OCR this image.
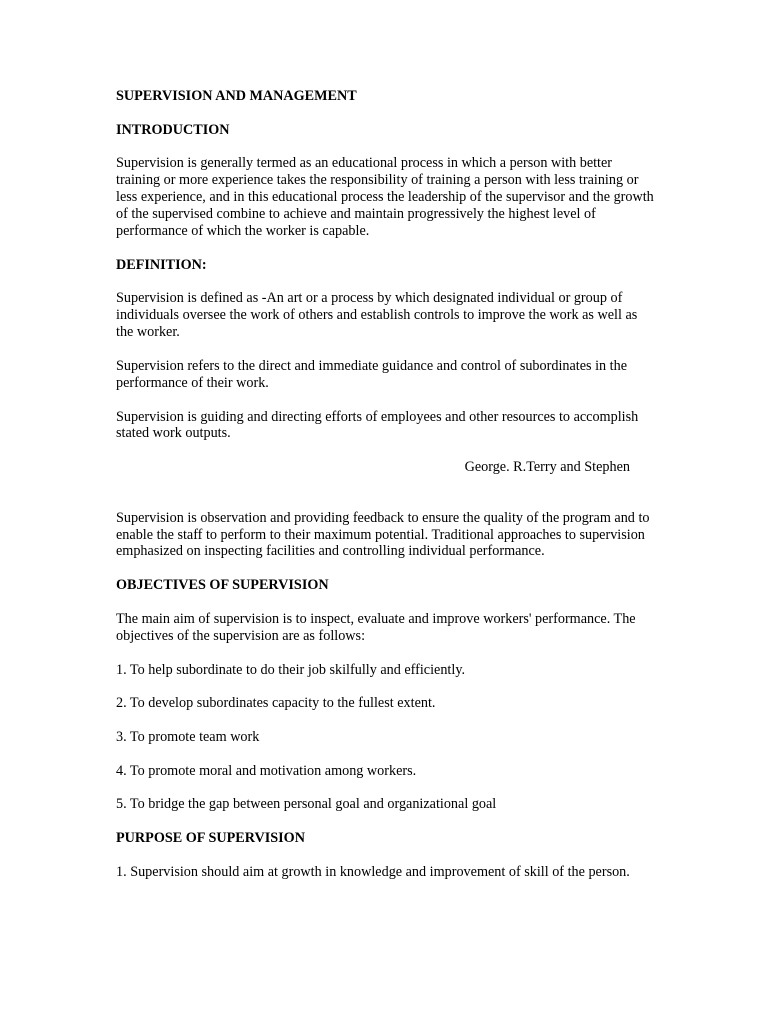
SUPERVISION AND MANAGEMENT

INTRODUCTION

Supervision is generally termed as an educational process in which a person with better training or more experience takes the responsibility of training a person with less training or less experience, and in this educational process the leadership of the supervisor and the growth of the supervised combine to achieve and maintain progressively the highest level of performance of which the worker is capable.

DEFINITION:

Supervision is defined as -An art or a process by which designated individual or group of individuals oversee the work of others and establish controls to improve the work as well as the worker.

Supervision refers to the direct and immediate guidance and control of subordinates in the performance of their work.

Supervision is guiding and directing efforts of employees and other resources to accomplish stated work outputs.

George. R.Terry and Stephen

Supervision is observation and providing feedback to ensure the quality of the program and to enable the staff to perform to their maximum potential. Traditional approaches to supervision emphasized on inspecting facilities and controlling individual performance.

OBJECTIVES OF SUPERVISION

The main aim of supervision is to inspect, evaluate and improve workers' performance. The objectives of the supervision are as follows:

1. To help subordinate to do their job skilfully and efficiently.

2. To develop subordinates capacity to the fullest extent.

3. To promote team work

4. To promote moral and motivation among workers.

5. To bridge the gap between personal goal and organizational goal

PURPOSE OF SUPERVISION

1. Supervision should aim at growth in knowledge and improvement of skill of the person.
